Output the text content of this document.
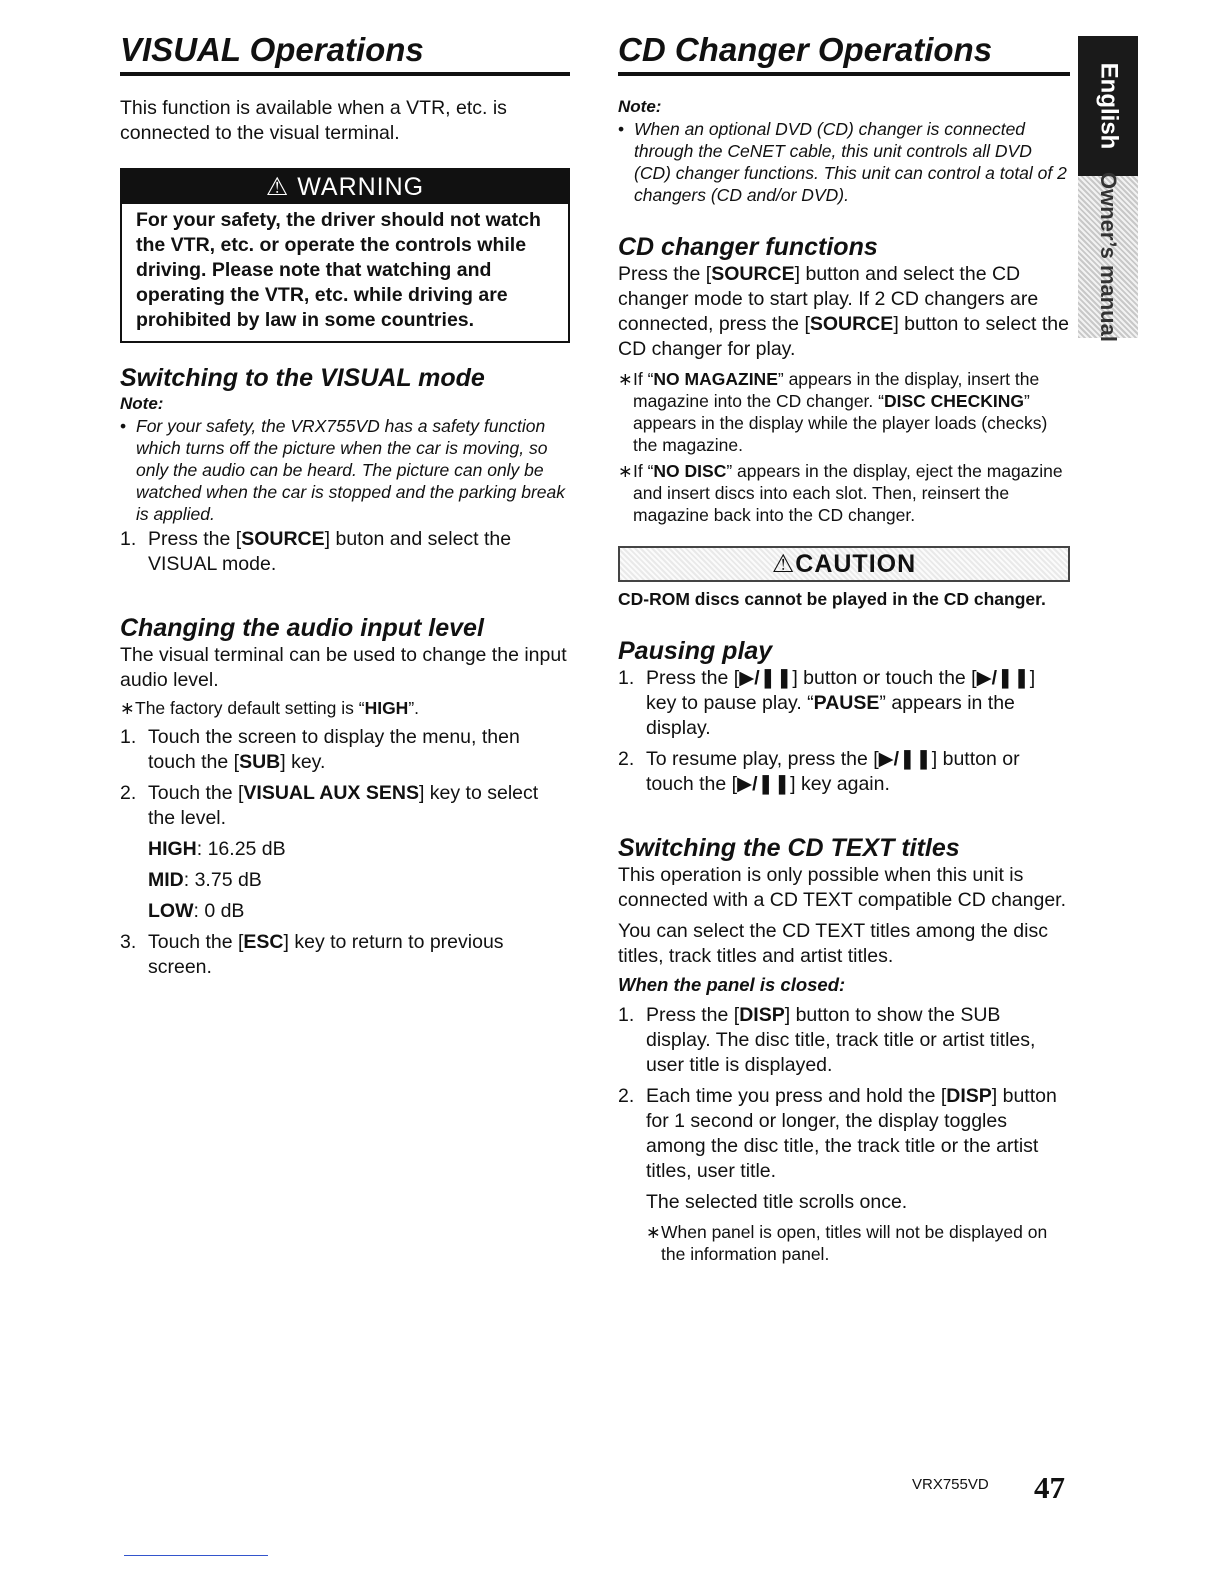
VISUAL Operations

This function is available when a VTR, etc. is connected to the visual terminal.

⚠ WARNING
For your safety, the driver should not watch the VTR, etc. or operate the controls while driving. Please note that watching and operating the VTR, etc. while driving are prohibited by law in some countries.
Switching to the VISUAL mode

Note:

• For your safety, the VRX755VD has a safety function which turns off the picture when the car is moving, so only the audio can be heard. The picture can only be watched when the car is stopped and the parking break is applied.

1. Press the [SOURCE] buton and select the VISUAL mode.
Changing the audio input level

The visual terminal can be used to change the input audio level.

∗ The factory default setting is “HIGH”.

1. Touch the screen to display the menu, then touch the [SUB] key.
2. Touch the [VISUAL AUX SENS] key to select the level.
HIGH: 16.25 dB
MID: 3.75 dB
LOW: 0 dB
3. Touch the [ESC] key to return to previous screen.
CD Changer Operations

Note:

• When an optional DVD (CD) changer is connected through the CeNET cable, this unit controls all DVD (CD) changer functions. This unit can control a total of 2 changers (CD and/or DVD).

CD changer functions

Press the [SOURCE] button and select the CD changer mode to start play. If 2 CD changers are connected, press the [SOURCE] button to select the CD changer for play.

∗ If “NO MAGAZINE” appears in the display, insert the magazine into the CD changer. “DISC CHECKING” appears in the display while the player loads (checks) the magazine.

∗ If “NO DISC” appears in the display, eject the magazine and insert discs into each slot. Then, reinsert the magazine back into the CD changer.

⚠CAUTION

CD-ROM discs cannot be played in the CD changer.

Pausing play
1. Press the [▶/❚❚] button or touch the [▶/❚❚] key to pause play. “PAUSE” appears in the display.
2. To resume play, press the [▶/❚❚] button or touch the [▶/❚❚] key again.
Switching the CD TEXT titles

This operation is only possible when this unit is connected with a CD TEXT compatible CD changer.

You can select the CD TEXT titles among the disc titles, track titles and artist titles.

When the panel is closed:

1. Press the [DISP] button to show the SUB display. The disc title, track title or artist titles, user title is displayed.
2. Each time you press and hold the [DISP] button for 1 second or longer, the display toggles among the disc title, the track title or the artist titles, user title.

The selected title scrolls once.

∗ When panel is open, titles will not be displayed on the information panel.

English
Owner’s manual
VRX755VD 47
